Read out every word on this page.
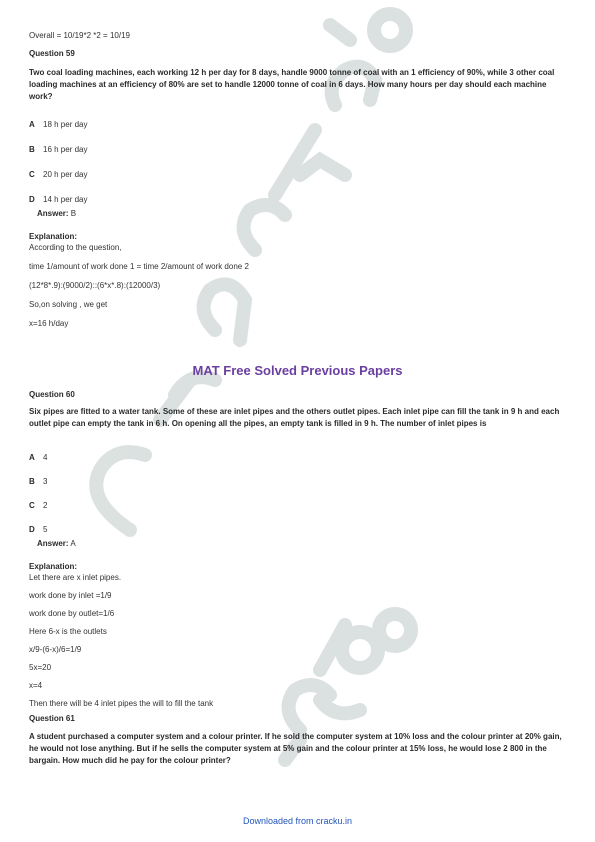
Overall = 10/19*2 *2 = 10/19

Question 59
Two coal loading machines, each working 12 h per day for 8 days, handle 9000 tonne of coal with an 1 efficiency of 90%, while 3 other coal loading machines at an efficiency of 80% are set to handle 12000 tonne of coal in 6 days. How many hours per day should each machine work?
A	18 h per day
B	16 h per day
C	20 h per day
D	14 h per day
Answer: B
Explanation:
According to the question,
time 1/amount of work done 1 = time 2/amount of work done 2
(12*8*.9):(9000/2)::(6*x*.8):(12000/3)
So,on solving , we get
x=16 h/day
MAT Free Solved Previous Papers
Question 60
Six pipes are fitted to a water tank. Some of these are inlet pipes and the others outlet pipes. Each inlet pipe can fill the tank in 9 h and each outlet pipe can empty the tank in 6 h. On opening all the pipes, an empty tank is filled in 9 h. The number of inlet pipes is
A	4
B	3
C	2
D	5
Answer: A
Explanation:
Let there are x inlet pipes.
work done by inlet =1/9
work done by outlet=1/6
Here 6-x is the outlets
x/9-(6-x)/6=1/9
5x=20
x=4
Then there will be 4 inlet pipes the will to fill the tank
Question 61
A student purchased a computer system and a colour printer. If he sold the computer system at 10% loss and the colour printer at 20% gain, he would not lose anything. But if he sells the computer system at 5% gain and the colour printer at 15% loss, he would lose 2 800 in the bargain. How much did he pay for the colour printer?
Downloaded from cracku.in
